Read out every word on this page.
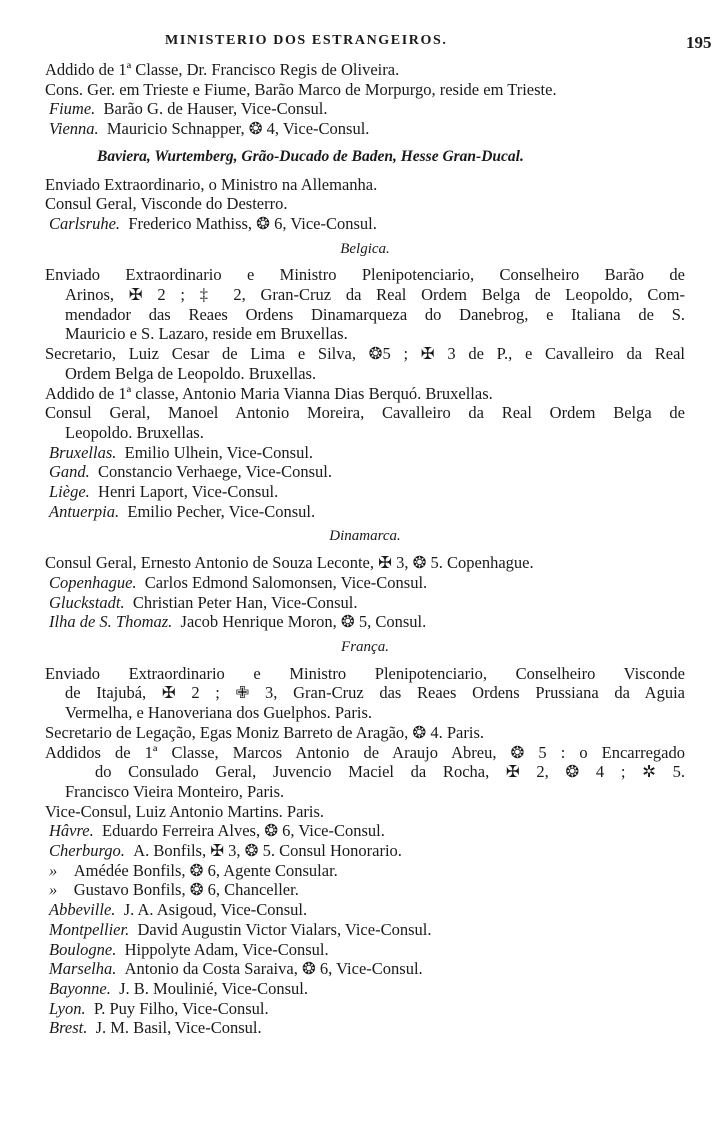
MINISTERIO DOS ESTRANGEIROS.	195
Addido de 1ª Classe, Dr. Francisco Regis de Oliveira.
Cons. Ger. em Trieste e Fiume, Barão Marco de Morpurgo, reside em Trieste.
Fiume. Barão G. de Hauser, Vice-Consul.
Vienna. Mauricio Schnapper, ❂ 4, Vice-Consul.
Baviera, Wurtemberg, Grão-Ducado de Baden, Hesse Gran-Ducal.
Enviado Extraordinario, o Ministro na Allemanha.
Consul Geral, Visconde do Desterro.
Carlsruhe. Frederico Mathiss, ❂ 6, Vice-Consul.
Belgica.
Enviado Extraordinario e Ministro Plenipotenciario, Conselheiro Barão de
Arinos, ✠ 2 ; ‡ 2, Gran-Cruz da Real Ordem Belga de Leopoldo, Com-
mendador das Reaes Ordens Dinamarqueza do Danebrog, e Italiana de S.
Mauricio e S. Lazaro, reside em Bruxellas.
Secretario, Luiz Cesar de Lima e Silva, ❂5 ; ✠ 3 de P., e Cavalleiro da Real
Ordem Belga de Leopoldo. Bruxellas.
Addido de 1ª classe, Antonio Maria Vianna Dias Berquó. Bruxellas.
Consul Geral, Manoel Antonio Moreira, Cavalleiro da Real Ordem Belga de
Leopoldo. Bruxellas.
Bruxellas. Emilio Ulhein, Vice-Consul.
Gand. Constancio Verhaege, Vice-Consul.
Liège. Henri Laport, Vice-Consul.
Antuerpia. Emilio Pecher, Vice-Consul.
Dinamarca.
Consul Geral, Ernesto Antonio de Souza Leconte, ✠ 3, ❂ 5. Copenhague.
Copenhague. Carlos Edmond Salomonsen, Vice-Consul.
Gluckstadt. Christian Peter Han, Vice-Consul.
Ilha de S. Thomaz. Jacob Henrique Moron, ❂ 5, Consul.
França.
Enviado Extraordinario e Ministro Plenipotenciario, Conselheiro Visconde
de Itajubá, ✠ 2 ; ✙ 3, Gran-Cruz das Reaes Ordens Prussiana da Aguia
Vermelha, e Hanoveriana dos Guelphos. Paris.
Secretario de Legação, Egas Moniz Barreto de Aragão, ❂ 4. Paris.
Addidos de 1ª Classe, Marcos Antonio de Araujo Abreu, ❂ 5 : o Encarregado
do Consulado Geral, Juvencio Maciel da Rocha, ✠ 2, ❂ 4 ; ✲ 5.
Francisco Vieira Monteiro, Paris.
Vice-Consul, Luiz Antonio Martins. Paris.
Hâvre. Eduardo Ferreira Alves, ❂ 6, Vice-Consul.
Cherburgo. A. Bonfils, ✠ 3, ❂ 5. Consul Honorario.
» Amédée Bonfils, ❂ 6, Agente Consular.
» Gustavo Bonfils, ❂ 6, Chanceller.
Abbeville. J. A. Asigoud, Vice-Consul.
Montpellier. David Augustin Victor Vialars, Vice-Consul.
Boulogne. Hippolyte Adam, Vice-Consul.
Marselha. Antonio da Costa Saraiva, ❂ 6, Vice-Consul.
Bayonne. J. B. Moulinié, Vice-Consul.
Lyon. P. Puy Filho, Vice-Consul.
Brest. J. M. Basil, Vice-Consul.
